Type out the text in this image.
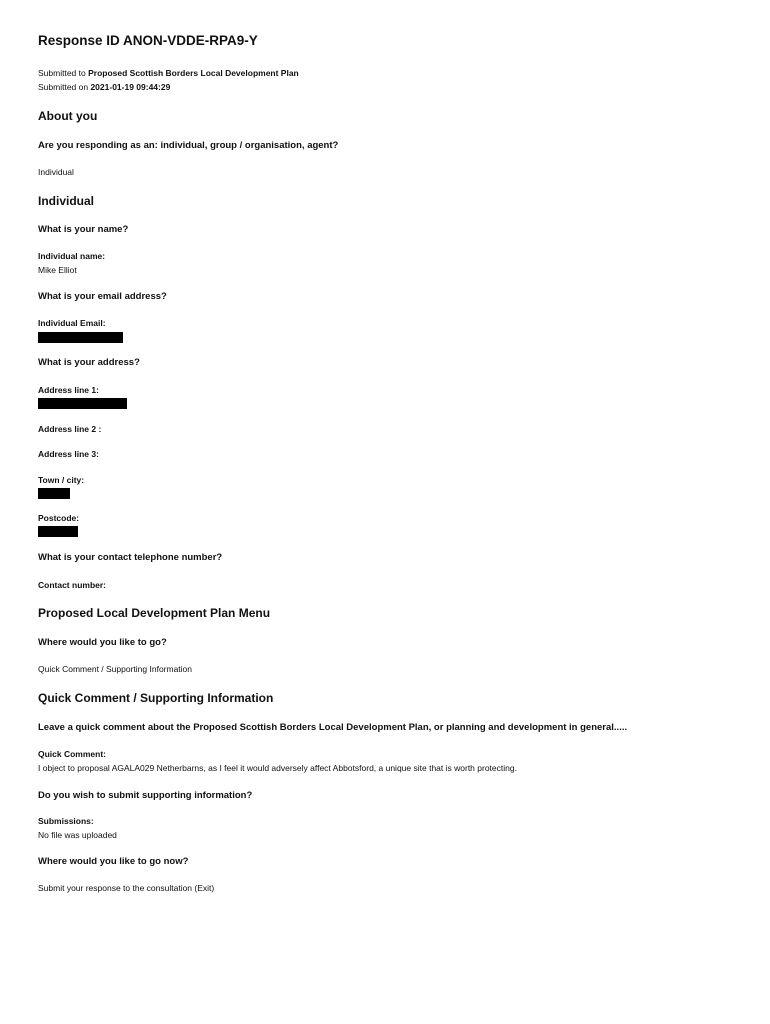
Response ID ANON-VDDE-RPA9-Y
Submitted to Proposed Scottish Borders Local Development Plan
Submitted on 2021-01-19 09:44:29
About you
Are you responding as an: individual, group / organisation, agent?
Individual
Individual
What is your name?
Individual name:
Mike Elliot
What is your email address?
Individual Email:
What is your address?
Address line 1:
Address line 2 :
Address line 3:
Town / city:
Postcode:
What is your contact telephone number?
Contact number:
Proposed Local Development Plan Menu
Where would you like to go?
Quick Comment / Supporting Information
Quick Comment / Supporting Information
Leave a quick comment about the Proposed Scottish Borders Local Development Plan, or planning and development in general.....
Quick Comment:
I object to proposal AGALA029 Netherbarns, as I feel it would adversely affect Abbotsford, a unique site that is worth protecting.
Do you wish to submit supporting information?
Submissions:
No file was uploaded
Where would you like to go now?
Submit your response to the consultation (Exit)
